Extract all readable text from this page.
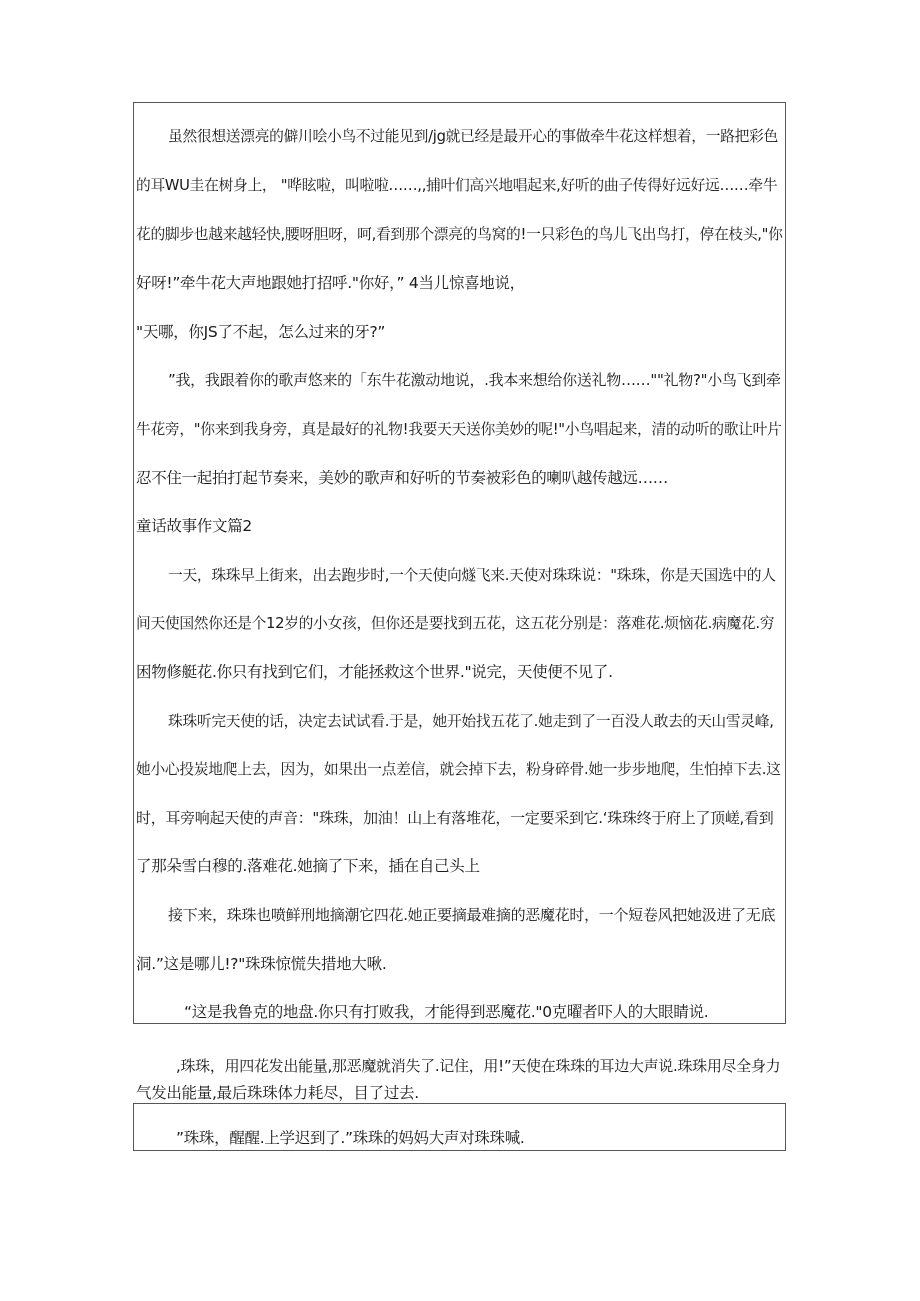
虽然很想送漂亮的僻川哙小鸟不过能见到/jg就已经是最开心的事做牵牛花这样想着，一路把彩色

的耳WU圭在树身上， "哗眩啦，叫啦啦……,,捕叶们高兴地唱起来,好听的曲子传得好远好远……牵牛

花的脚步也越来越轻快,腰呀胆呀，呵,看到那个漂亮的鸟窝的!一只彩色的鸟儿飞出鸟打，停在枝头,"你

好呀!”牵牛花大声地跟她打招呼."你好，” 4当儿惊喜地说，

"天哪，你JS了不起，怎么过来的牙?”

”我，我跟着你的歌声悠来的「东牛花激动地说，.我本来想给你送礼物……""礼物?"小鸟飞到牵

牛花旁，"你来到我身旁，真是最好的礼物!我要天天送你美妙的呢!"小鸟唱起来，清的动听的歌让叶片

忍不住一起拍打起节奏来，美妙的歌声和好听的节奏被彩色的喇叭越传越远……

童话故事作文篇2

一天，珠珠早上街来，出去跑步时,一个天使向燧飞来.天使对珠珠说："珠珠，你是天国选中的人

间天使国然你还是个12岁的小女孩，但你还是要找到五花，这五花分别是：落难花.烦恼花.病魔花.穷

困物修艇花.你只有找到它们，才能拯救这个世界."说完，天使便不见了.

珠珠听完天使的话，决定去试试看.于是，她开始找五花了.她走到了一百没人敢去的天山雪灵峰,

她小心投炭地爬上去，因为，如果出一点差信，就会掉下去，粉身碎骨.她一步步地爬，生怕掉下去.这

时，耳旁响起天使的声音："珠珠，加油！山上有落堆花，一定要采到它.‘珠珠终于府上了顶嵯,看到

了那朵雪白穆的.落难花.她摘了下来，插在自己头上

接下来，珠珠也喷鲜刑地摘潮它四花.她正要摘最难摘的恶魔花时，一个短卷风把她汲进了无底

洞.”这是哪儿!?"珠珠惊慌失措地大啾.

“这是我鲁克的地盘.你只有打败我，才能得到恶魔花."0克曜者吓人的大眼睛说.

,珠珠，用四花发出能量,那恶魔就消失了.记住，用!”天使在珠珠的耳边大声说.珠珠用尽全身力

气发出能量,最后珠珠体力耗尽，目了过去.

”珠珠，醒醒.上学迟到了.”珠珠的妈妈大声对珠珠喊.
